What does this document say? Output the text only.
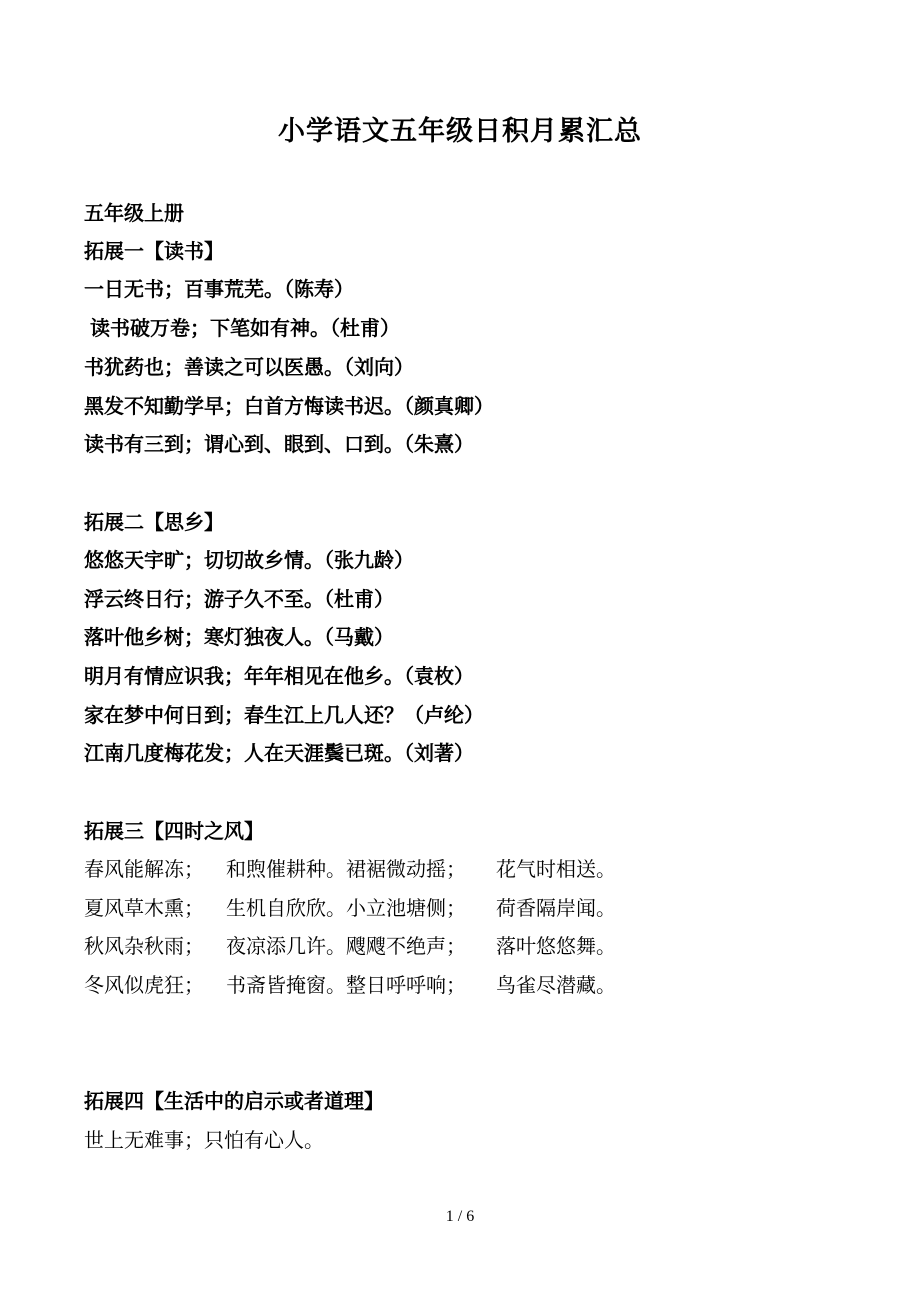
小学语文五年级日积月累汇总
五年级上册
拓展一【读书】
一日无书；百事荒芜。（陈寿）
读书破万卷；下笔如有神。（杜甫）
书犹药也；善读之可以医愚。（刘向）
黑发不知勤学早；白首方悔读书迟。（颜真卿）
读书有三到；谓心到、眼到、口到。（朱熹）
拓展二【思乡】
悠悠天宇旷；切切故乡情。（张九龄）
浮云终日行；游子久不至。（杜甫）
落叶他乡树；寒灯独夜人。（马戴）
明月有情应识我；年年相见在他乡。（袁枚）
家在梦中何日到；春生江上几人还？（卢纶）
江南几度梅花发；人在天涯鬓已斑。（刘著）
拓展三【四时之风】

春风能解冻；

和煦催耕种。裙裾微动摇；

花气时相送。

夏风草木熏；

生机自欣欣。小立池塘侧；

荷香隔岸闻。

秋风杂秋雨；

夜凉添几许。飕飕不绝声；

落叶悠悠舞。

冬风似虎狂；

书斋皆掩窗。整日呼呼响；

鸟雀尽潜藏。

拓展四【生活中的启示或者道理】
世上无难事；只怕有心人。
1 / 6
